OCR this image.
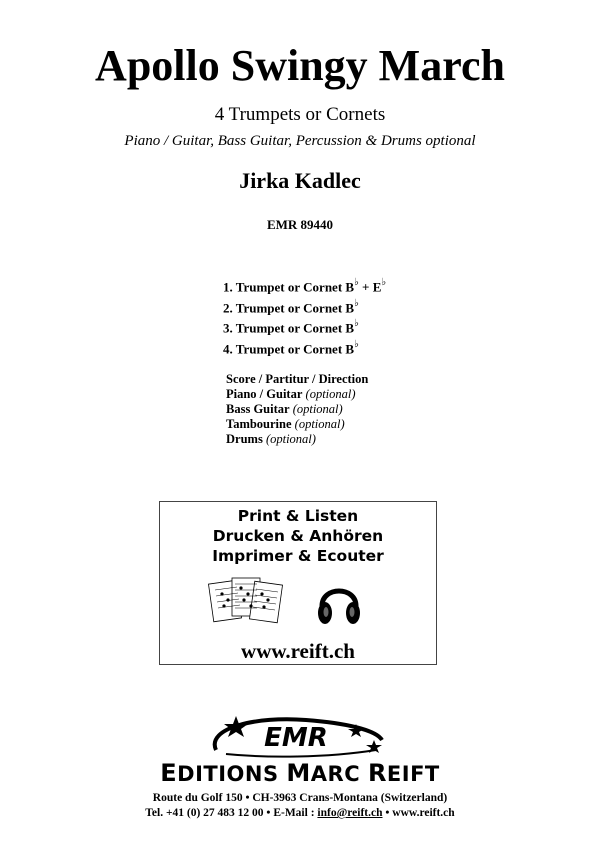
Apollo Swingy March
4 Trumpets or Cornets
Piano / Guitar, Bass Guitar, Percussion & Drums optional
Jirka Kadlec
EMR 89440
1. Trumpet or Cornet B♭ + E♭
2. Trumpet or Cornet B♭
3. Trumpet or Cornet B♭
4. Trumpet or Cornet B♭
Score / Partitur / Direction
Piano / Guitar (optional)
Bass Guitar (optional)
Tambourine (optional)
Drums (optional)
Print & Listen
Drucken & Anhören
Imprimer & Ecouter
www.reift.ch
EMR
EDITIONS MARC REIFT
Route du Golf 150 • CH-3963 Crans-Montana (Switzerland)
Tel. +41 (0) 27 483 12 00 • E-Mail : info@reift.ch • www.reift.ch
